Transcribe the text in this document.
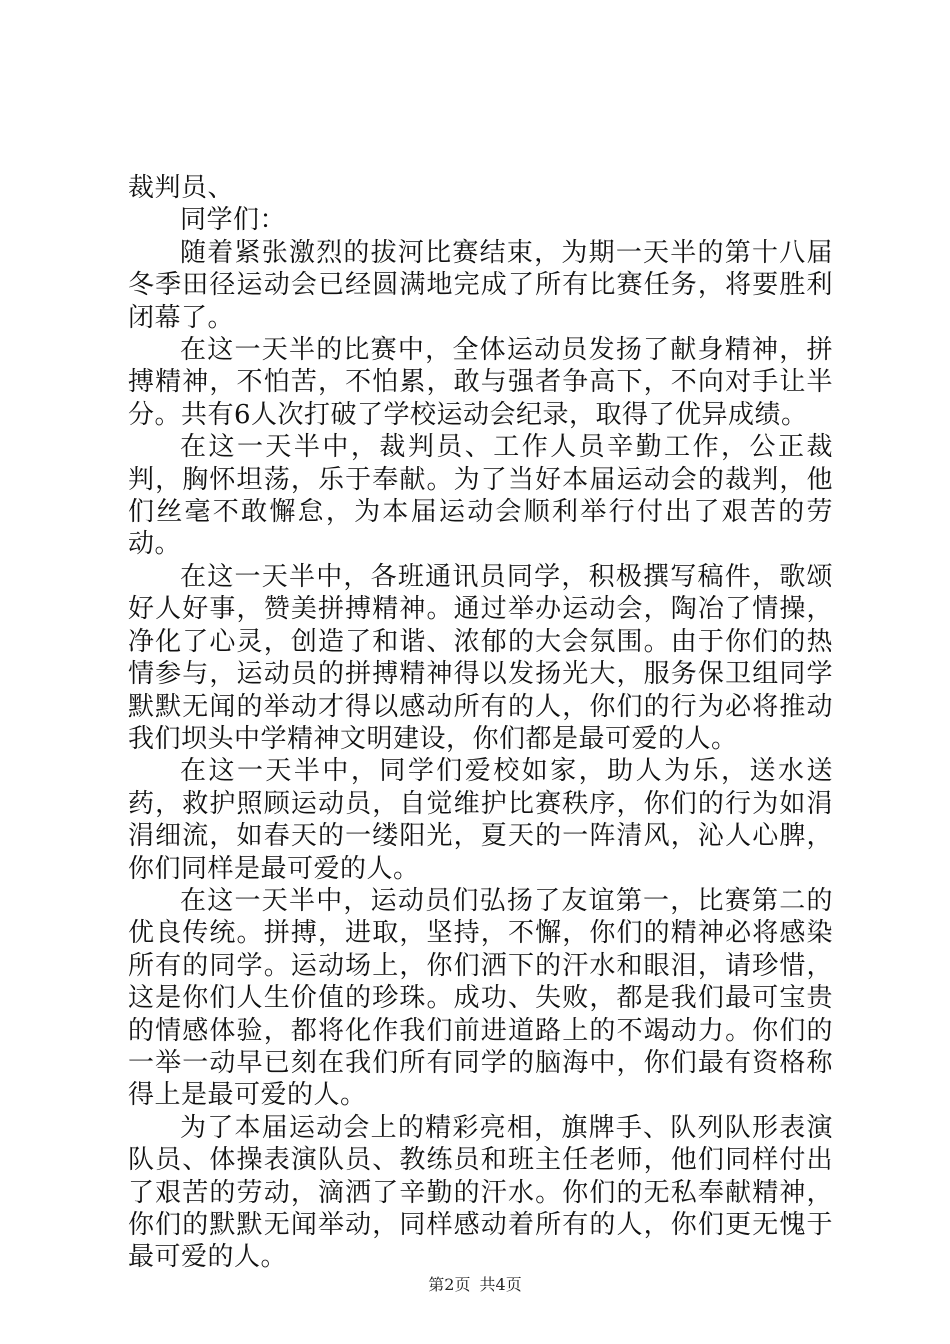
裁判员、

同学们：

随着紧张激烈的拔河比赛结束，为期一天半的第十八届冬季田径运动会已经圆满地完成了所有比赛任务，将要胜利闭幕了。

在这一天半的比赛中，全体运动员发扬了献身精神，拼搏精神，不怕苦，不怕累，敢与强者争高下，不向对手让半分。共有6人次打破了学校运动会纪录，取得了优异成绩。

在这一天半中，裁判员、工作人员辛勤工作，公正裁判，胸怀坦荡，乐于奉献。为了当好本届运动会的裁判，他们丝毫不敢懈怠，为本届运动会顺利举行付出了艰苦的劳动。

在这一天半中，各班通讯员同学，积极撰写稿件，歌颂好人好事，赞美拼搏精神。通过举办运动会，陶冶了情操，净化了心灵，创造了和谐、浓郁的大会氛围。由于你们的热情参与，运动员的拼搏精神得以发扬光大，服务保卫组同学默默无闻的举动才得以感动所有的人，你们的行为必将推动我们坝头中学精神文明建设，你们都是最可爱的人。

在这一天半中，同学们爱校如家，助人为乐，送水送药，救护照顾运动员，自觉维护比赛秩序，你们的行为如涓涓细流，如春天的一缕阳光，夏天的一阵清风，沁人心脾，你们同样是最可爱的人。

在这一天半中，运动员们弘扬了友谊第一，比赛第二的优良传统。拼搏，进取，坚持，不懈，你们的精神必将感染所有的同学。运动场上，你们洒下的汗水和眼泪，请珍惜，这是你们人生价值的珍珠。成功、失败，都是我们最可宝贵的情感体验，都将化作我们前进道路上的不竭动力。你们的一举一动早已刻在我们所有同学的脑海中，你们最有资格称得上是最可爱的人。

为了本届运动会上的精彩亮相，旗牌手、队列队形表演队员、体操表演队员、教练员和班主任老师，他们同样付出了艰苦的劳动，滴洒了辛勤的汗水。你们的无私奉献精神，你们的默默无闻举动，同样感动着所有的人，你们更无愧于最可爱的人。

第2页 共4页
